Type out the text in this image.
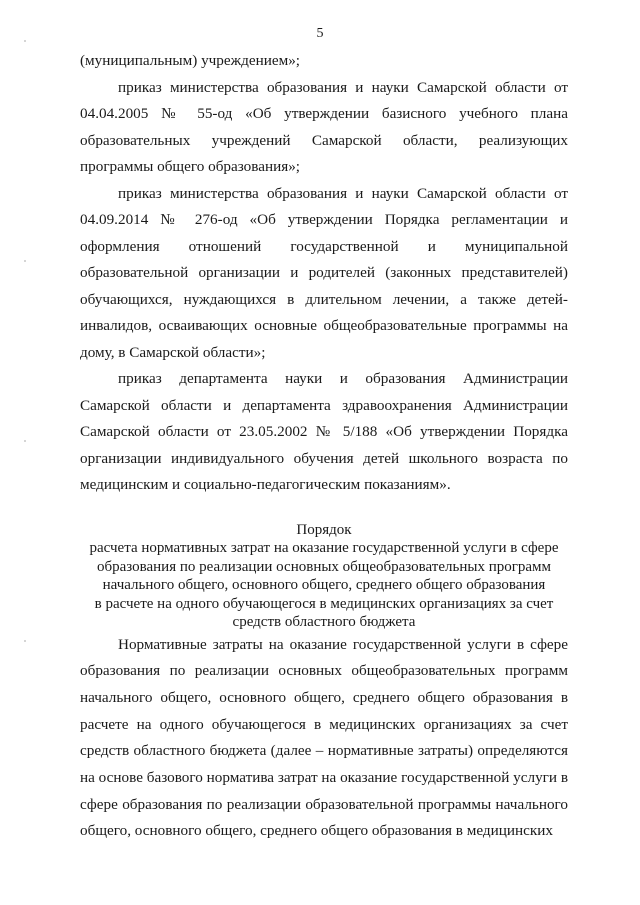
5

(муниципальным) учреждением»;

приказ министерства образования и науки Самарской области от 04.04.2005 № 55-од «Об утверждении базисного учебного плана образовательных учреждений Самарской области, реализующих программы общего образования»;

приказ министерства образования и науки Самарской области от 04.09.2014 № 276-од «Об утверждении Порядка регламентации и оформления отношений государственной и муниципальной образовательной организации и родителей (законных представителей) обучающихся, нуждающихся в длительном лечении, а также детей-инвалидов, осваивающих основные общеобразовательные программы на дому, в Самарской области»;

приказ департамента науки и образования Администрации Самарской области и департамента здравоохранения Администрации Самарской области от 23.05.2002 № 5/188 «Об утверждении Порядка организации индивидуального обучения детей школьного возраста по медицинским и социально-педагогическим показаниям».

Порядок
расчета нормативных затрат на оказание государственной услуги в сфере
образования по реализации основных общеобразовательных программ
начального общего, основного общего, среднего общего образования
в расчете на одного обучающегося в медицинских организациях за счет
средств областного бюджета

Нормативные затраты на оказание государственной услуги в сфере образования по реализации основных общеобразовательных программ начального общего, основного общего, среднего общего образования в расчете на одного обучающегося в медицинских организациях за счет средств областного бюджета (далее – нормативные затраты) определяются на основе базового норматива затрат на оказание государственной услуги в сфере образования по реализации образовательной программы начального общего, основного общего, среднего общего образования в медицинских
